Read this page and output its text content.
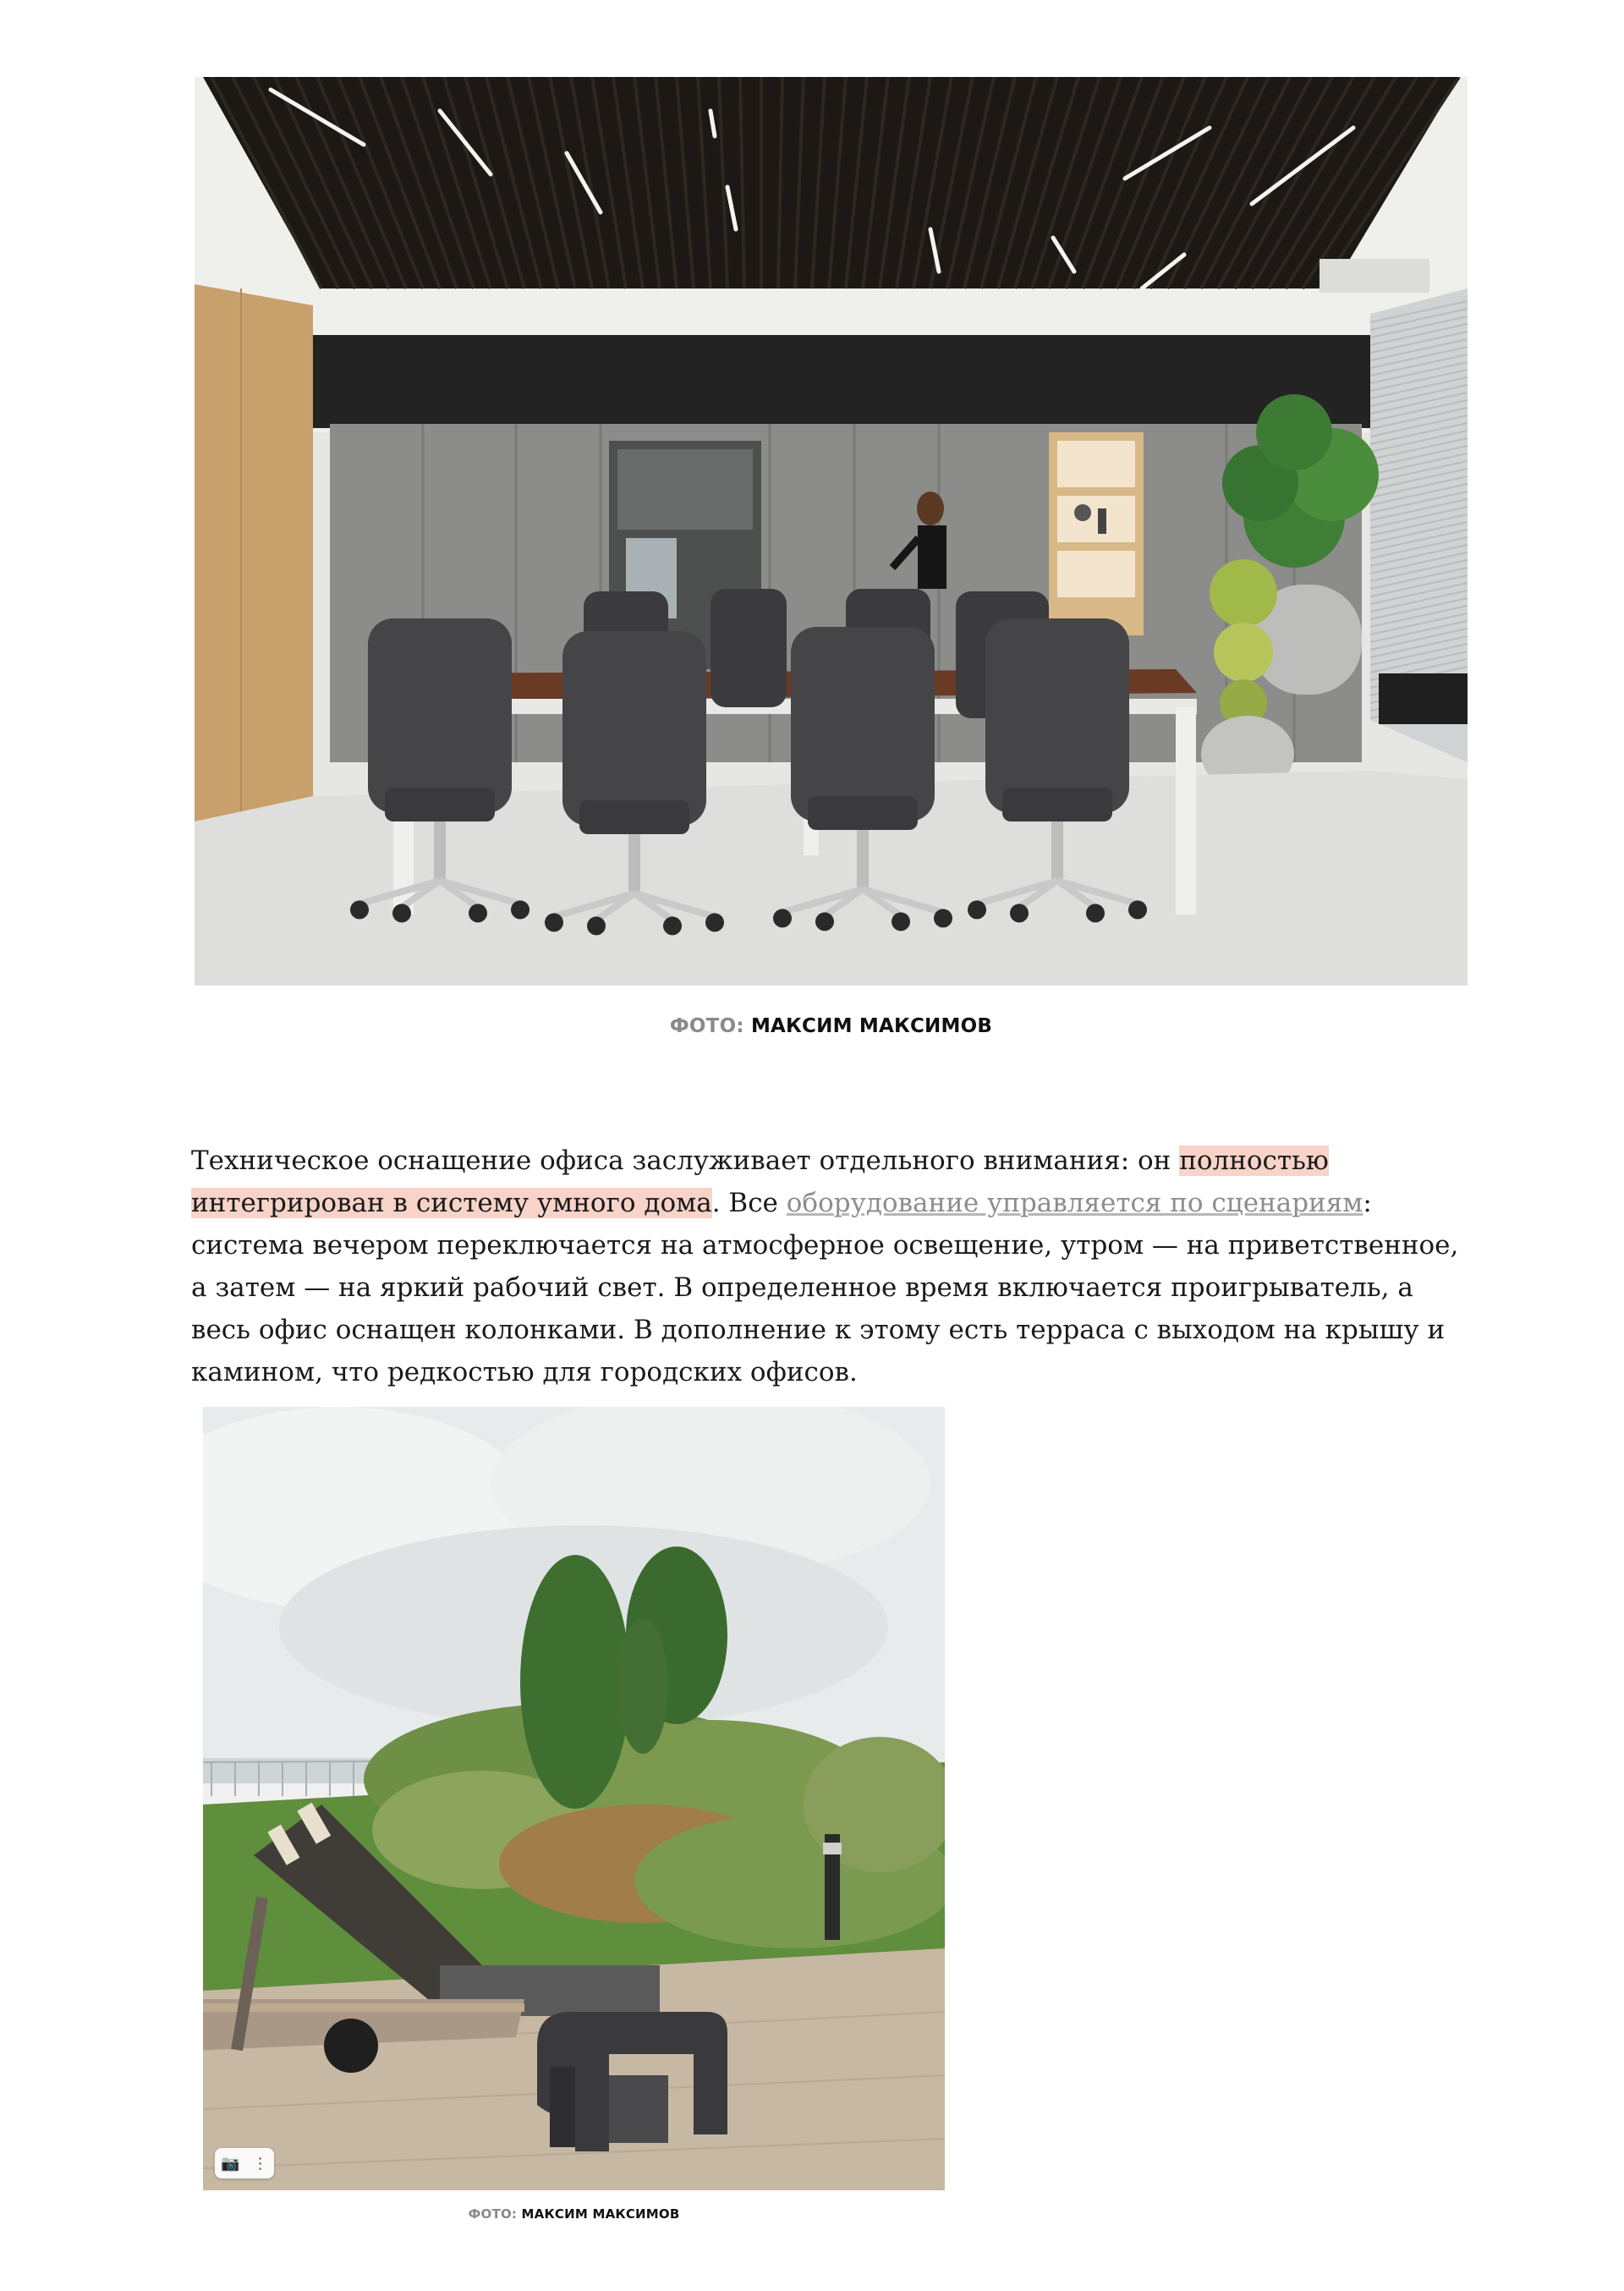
ФОТО: МАКСИМ МАКСИМОВ

Техническое оснащение офиса заслуживает отдельного внимания: он полностью интегрирован в систему умного дома. Все оборудование управляется по сценариям: система вечером переключается на атмосферное освещение, утром — на приветственное, а затем — на яркий рабочий свет. В определенное время включается проигрыватель, а весь офис оснащен колонками. В дополнение к этому есть терраса с выходом на крышу и камином, что редкостью для городских офисов.

📷 ⋮
ФОТО: МАКСИМ МАКСИМОВ
